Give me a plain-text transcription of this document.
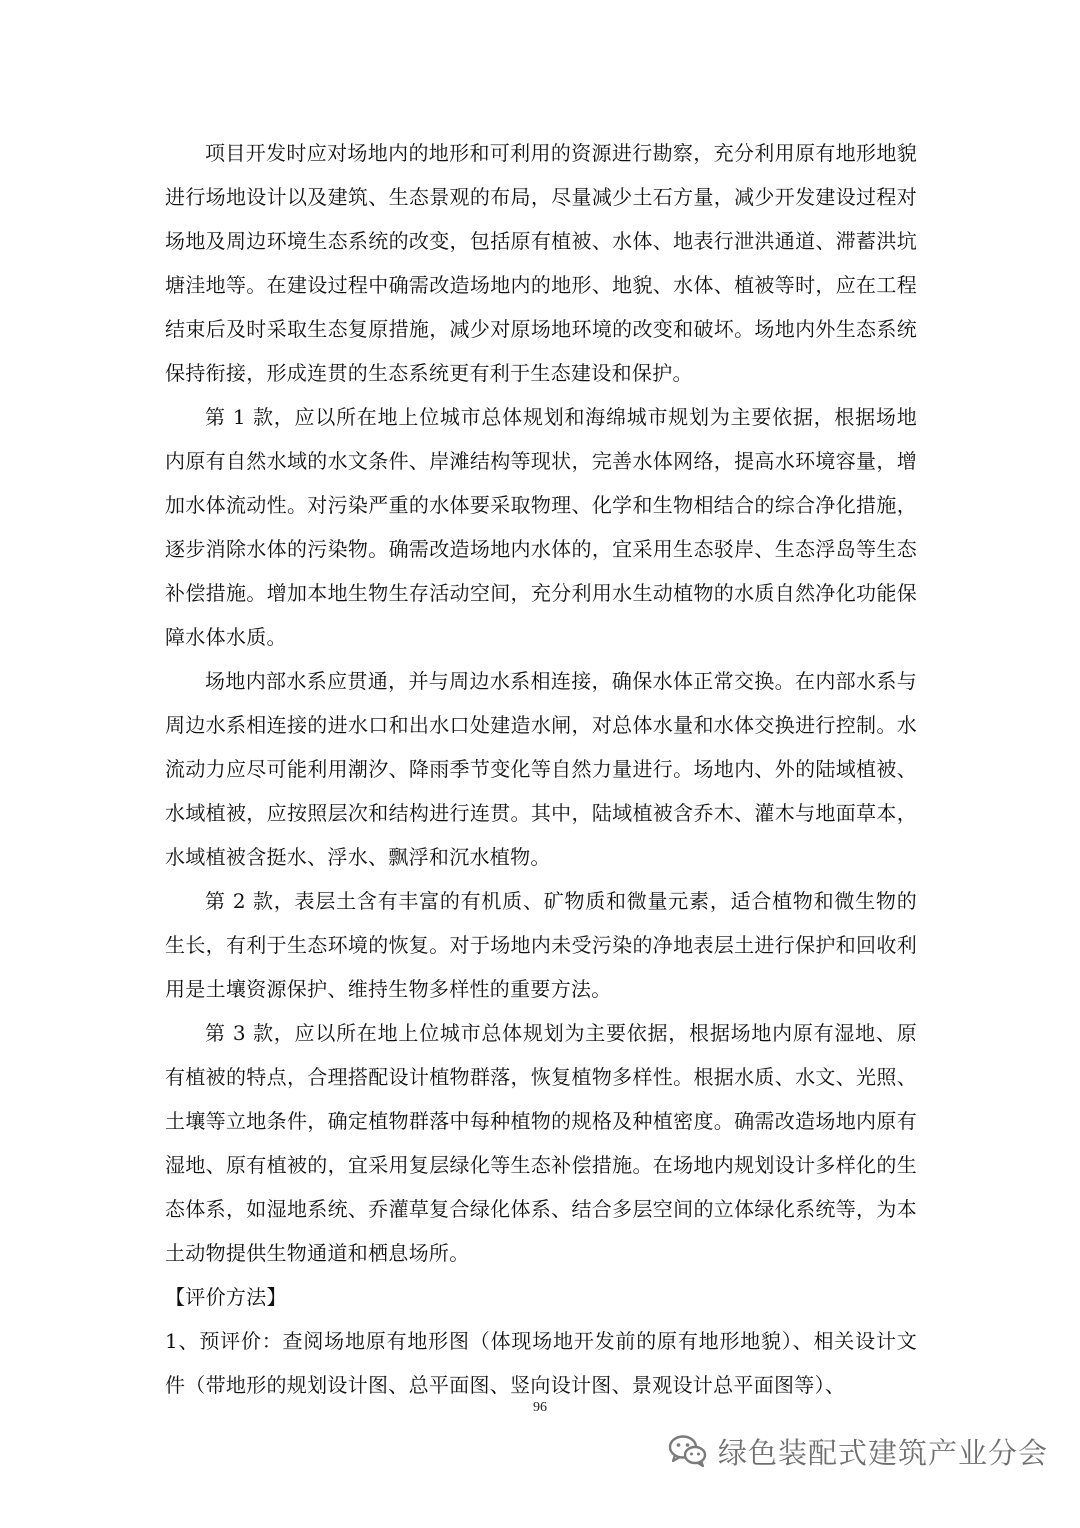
项目开发时应对场地内的地形和可利用的资源进行勘察，充分利用原有地形地貌进行场地设计以及建筑、生态景观的布局，尽量减少土石方量，减少开发建设过程对场地及周边环境生态系统的改变，包括原有植被、水体、地表行泄洪通道、滞蓄洪坑塘洼地等。在建设过程中确需改造场地内的地形、地貌、水体、植被等时，应在工程结束后及时采取生态复原措施，减少对原场地环境的改变和破坏。场地内外生态系统保持衔接，形成连贯的生态系统更有利于生态建设和保护。

第 1 款，应以所在地上位城市总体规划和海绵城市规划为主要依据，根据场地内原有自然水域的水文条件、岸滩结构等现状，完善水体网络，提高水环境容量，增加水体流动性。对污染严重的水体要采取物理、化学和生物相结合的综合净化措施，逐步消除水体的污染物。确需改造场地内水体的，宜采用生态驳岸、生态浮岛等生态补偿措施。增加本地生物生存活动空间，充分利用水生动植物的水质自然净化功能保障水体水质。

场地内部水系应贯通，并与周边水系相连接，确保水体正常交换。在内部水系与周边水系相连接的进水口和出水口处建造水闸，对总体水量和水体交换进行控制。水流动力应尽可能利用潮汐、降雨季节变化等自然力量进行。场地内、外的陆域植被、水域植被，应按照层次和结构进行连贯。其中，陆域植被含乔木、灌木与地面草本，水域植被含挺水、浮水、飘浮和沉水植物。

第 2 款，表层土含有丰富的有机质、矿物质和微量元素，适合植物和微生物的生长，有利于生态环境的恢复。对于场地内未受污染的净地表层土进行保护和回收利用是土壤资源保护、维持生物多样性的重要方法。

第 3 款，应以所在地上位城市总体规划为主要依据，根据场地内原有湿地、原有植被的特点，合理搭配设计植物群落，恢复植物多样性。根据水质、水文、光照、土壤等立地条件，确定植物群落中每种植物的规格及种植密度。确需改造场地内原有湿地、原有植被的，宜采用复层绿化等生态补偿措施。在场地内规划设计多样化的生态体系，如湿地系统、乔灌草复合绿化体系、结合多层空间的立体绿化系统等，为本土动物提供生物通道和栖息场所。

【评价方法】

1、预评价：查阅场地原有地形图（体现场地开发前的原有地形地貌）、相关设计文件（带地形的规划设计图、总平面图、竖向设计图、景观设计总平面图等）、

96
绿色装配式建筑产业分会
